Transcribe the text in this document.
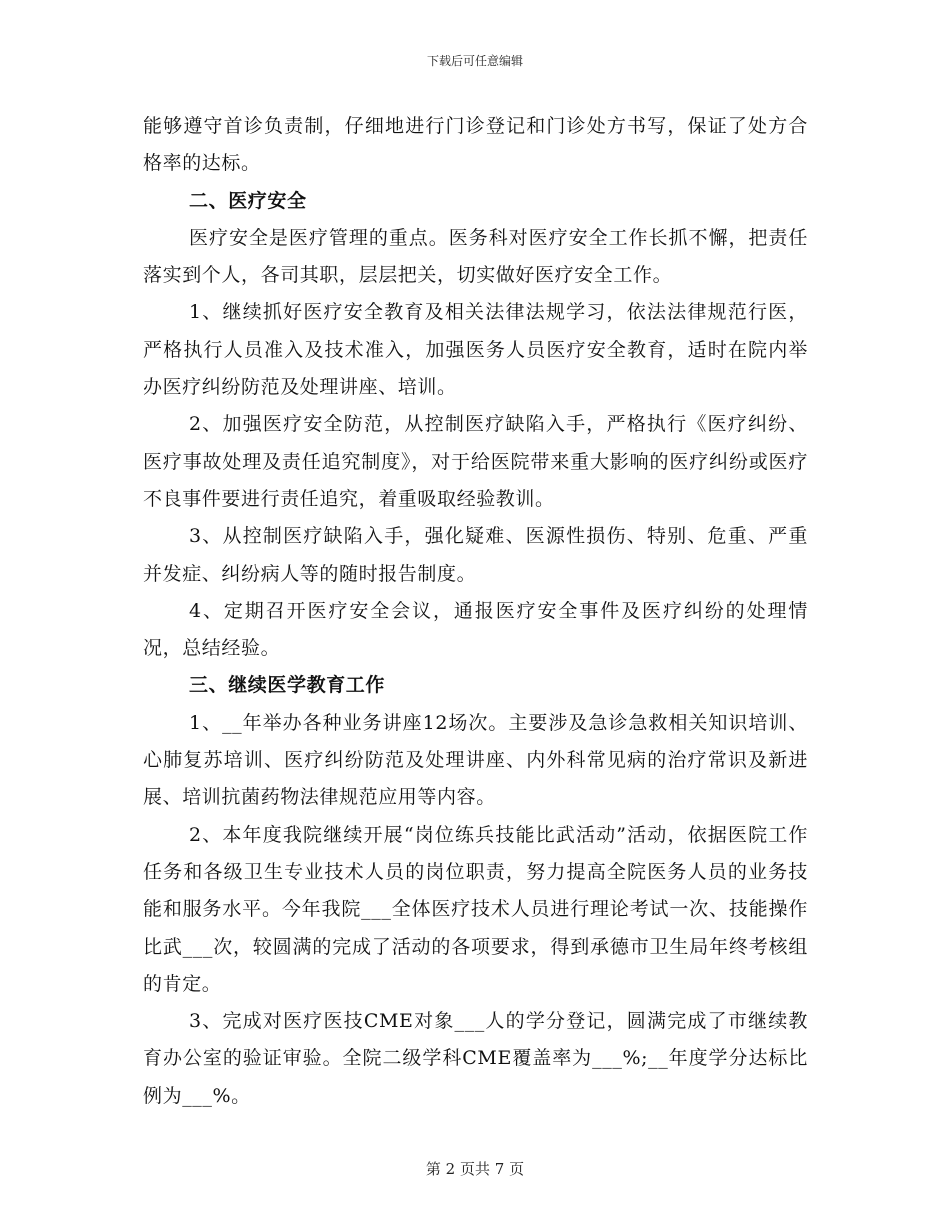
下载后可任意编辑

能够遵守首诊负责制，仔细地进行门诊登记和门诊处方书写，保证了处方合格率的达标。

二、医疗安全

医疗安全是医疗管理的重点。医务科对医疗安全工作长抓不懈，把责任落实到个人，各司其职，层层把关，切实做好医疗安全工作。

1、继续抓好医疗安全教育及相关法律法规学习，依法法律规范行医，严格执行人员准入及技术准入，加强医务人员医疗安全教育，适时在院内举办医疗纠纷防范及处理讲座、培训。

2、加强医疗安全防范，从控制医疗缺陷入手，严格执行《医疗纠纷、医疗事故处理及责任追究制度》，对于给医院带来重大影响的医疗纠纷或医疗不良事件要进行责任追究，着重吸取经验教训。

3、从控制医疗缺陷入手，强化疑难、医源性损伤、特别、危重、严重并发症、纠纷病人等的随时报告制度。

4、定期召开医疗安全会议，通报医疗安全事件及医疗纠纷的处理情况，总结经验。

三、继续医学教育工作

1、__年举办各种业务讲座12场次。主要涉及急诊急救相关知识培训、心肺复苏培训、医疗纠纷防范及处理讲座、内外科常见病的治疗常识及新进展、培训抗菌药物法律规范应用等内容。

2、本年度我院继续开展“岗位练兵技能比武活动”活动，依据医院工作任务和各级卫生专业技术人员的岗位职责，努力提高全院医务人员的业务技能和服务水平。今年我院___全体医疗技术人员进行理论考试一次、技能操作比武___次，较圆满的完成了活动的各项要求，得到承德市卫生局年终考核组的肯定。

3、完成对医疗医技CME对象___人的学分登记，圆满完成了市继续教育办公室的验证审验。全院二级学科CME覆盖率为___%;__年度学分达标比例为___%。

第 2 页共 7 页
